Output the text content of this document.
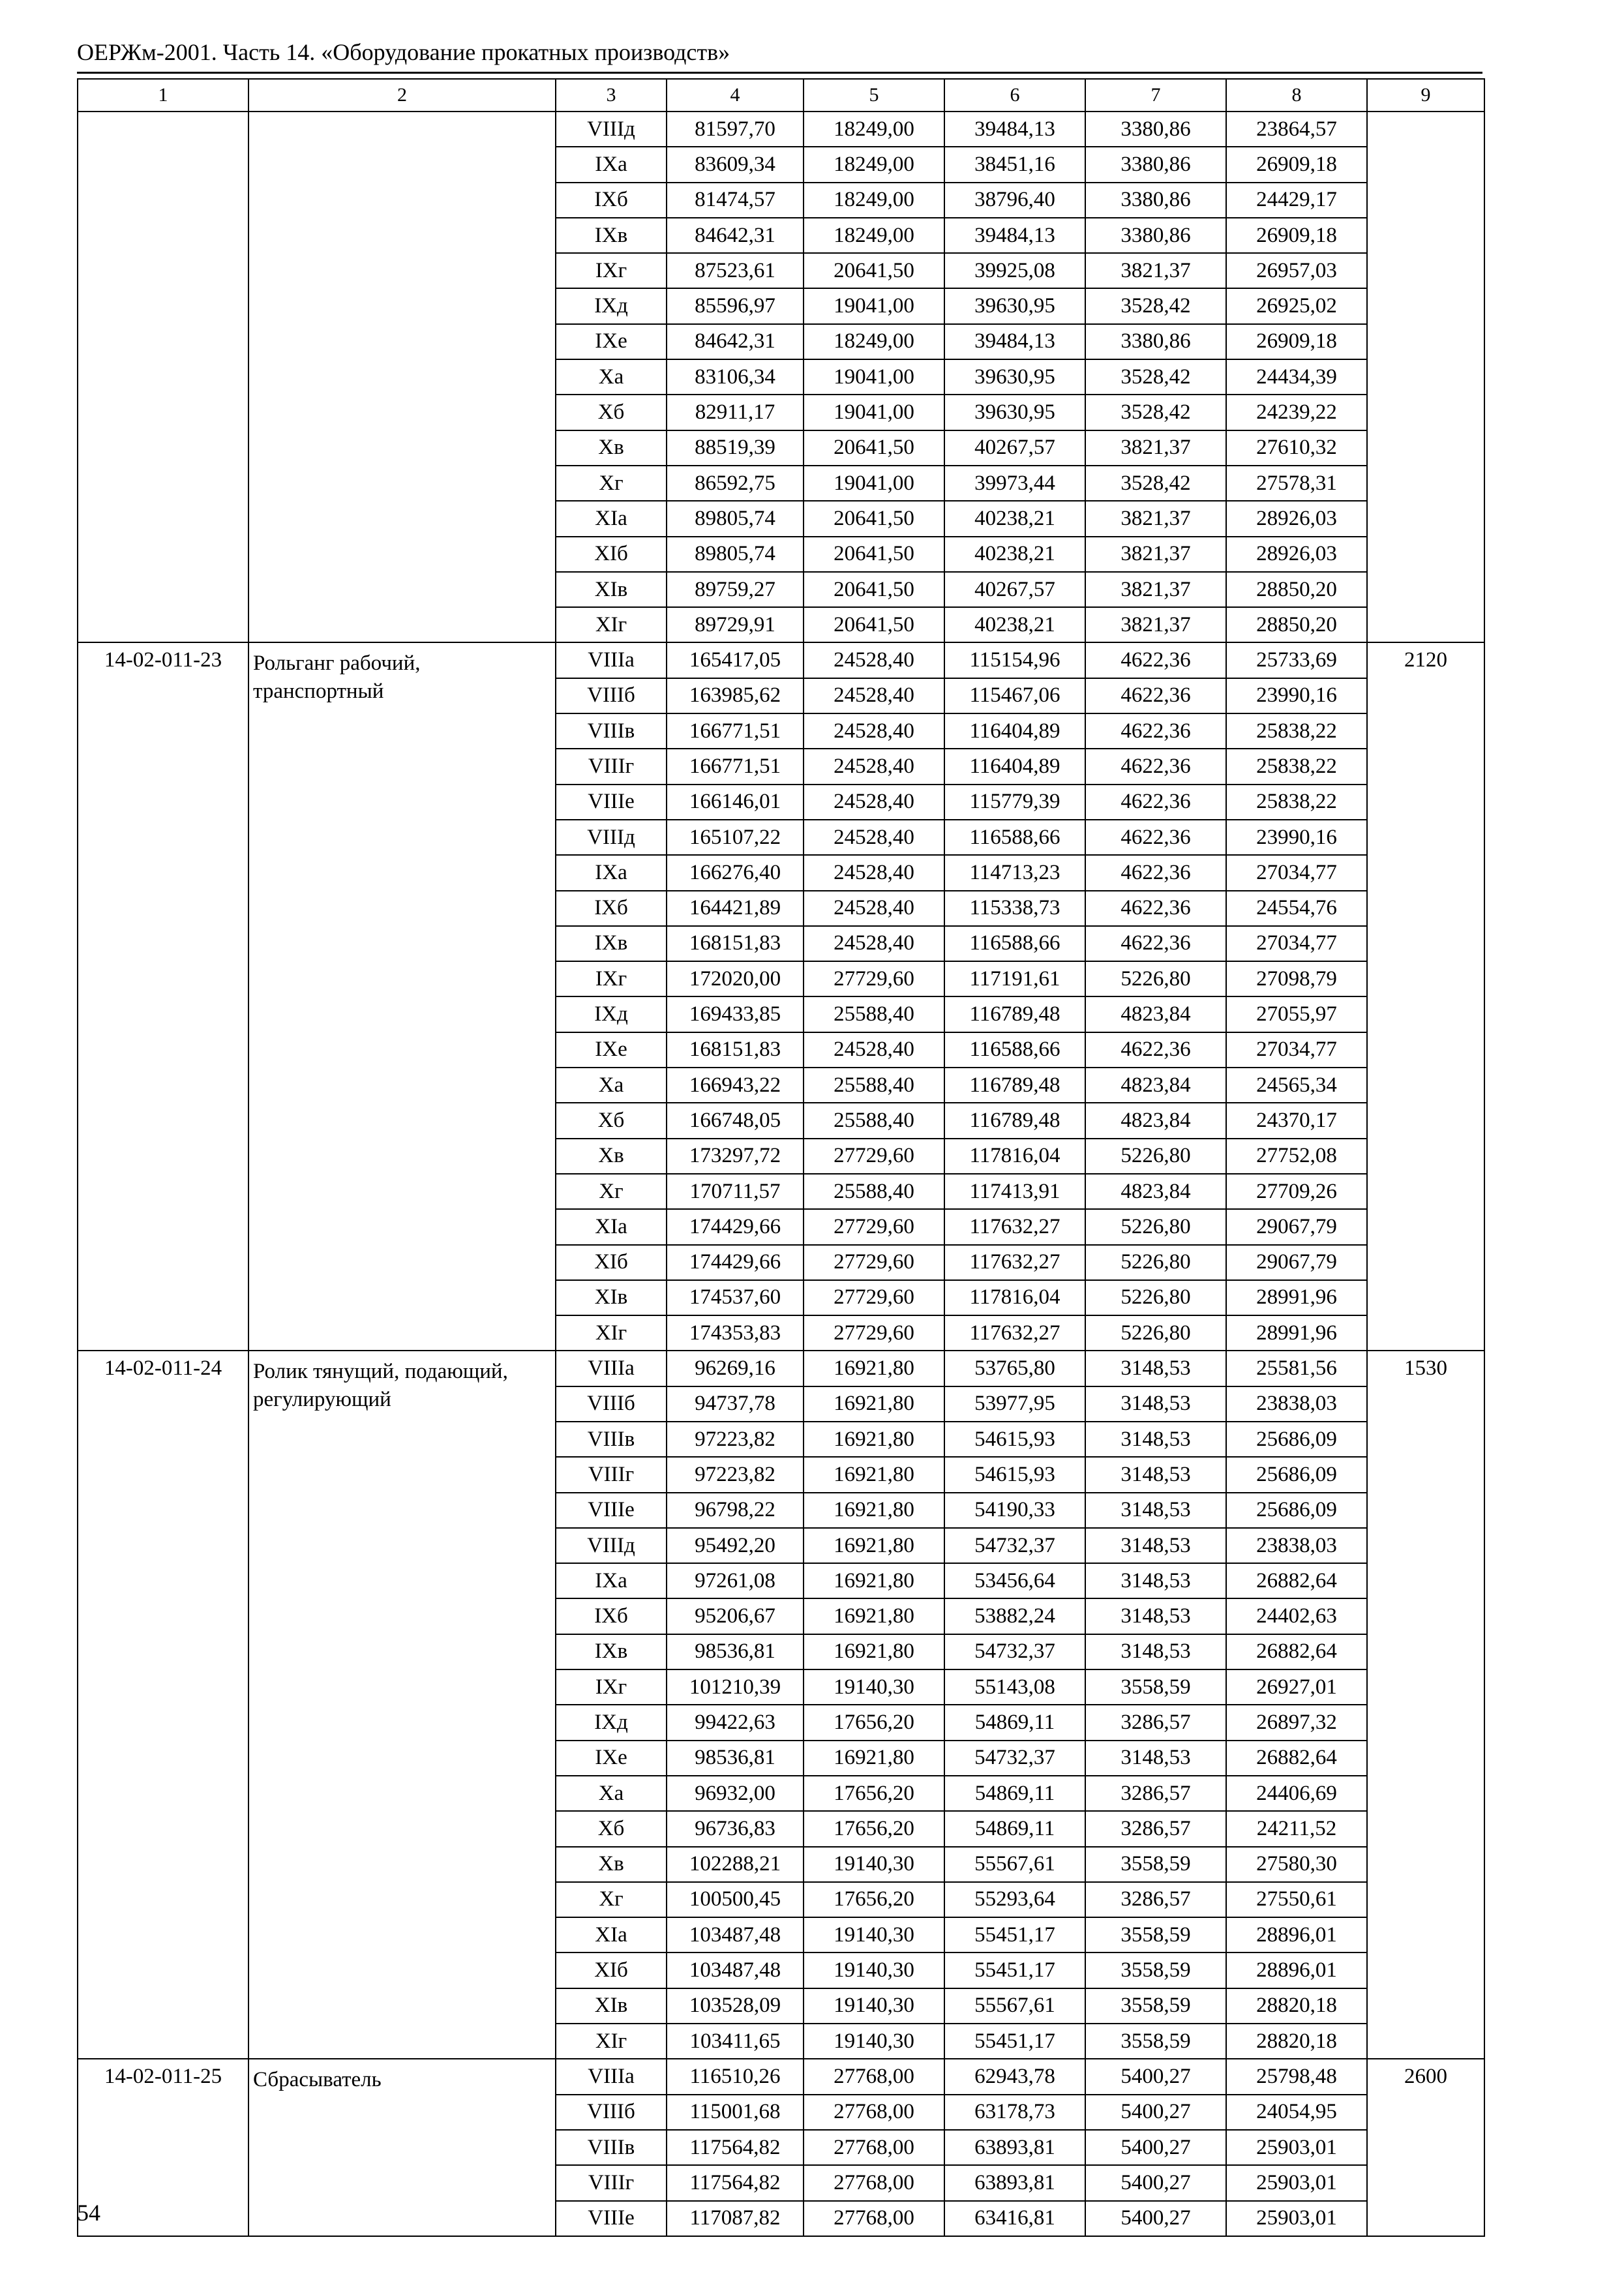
ОЕРЖм-2001. Часть 14. «Оборудование прокатных производств»
1	2	3	4	5	6	7	8	9
		VIIIд	81597,70	18249,00	39484,13	3380,86	23864,57	
		IXа	83609,34	18249,00	38451,16	3380,86	26909,18	
		IXб	81474,57	18249,00	38796,40	3380,86	24429,17	
		IXв	84642,31	18249,00	39484,13	3380,86	26909,18	
		IXг	87523,61	20641,50	39925,08	3821,37	26957,03	
		IXд	85596,97	19041,00	39630,95	3528,42	26925,02	
		IXе	84642,31	18249,00	39484,13	3380,86	26909,18	
		Xа	83106,34	19041,00	39630,95	3528,42	24434,39	
		Xб	82911,17	19041,00	39630,95	3528,42	24239,22	
		Xв	88519,39	20641,50	40267,57	3821,37	27610,32	
		Xг	86592,75	19041,00	39973,44	3528,42	27578,31	
		XIа	89805,74	20641,50	40238,21	3821,37	28926,03	
		XIб	89805,74	20641,50	40238,21	3821,37	28926,03	
		XIв	89759,27	20641,50	40267,57	3821,37	28850,20	
		XIг	89729,91	20641,50	40238,21	3821,37	28850,20	
14-02-011-23	Рольганг рабочий, транспортный	VIIIа	165417,05	24528,40	115154,96	4622,36	25733,69	2120
		VIIIб	163985,62	24528,40	115467,06	4622,36	23990,16	
		VIIIв	166771,51	24528,40	116404,89	4622,36	25838,22	
		VIIIг	166771,51	24528,40	116404,89	4622,36	25838,22	
		VIIIе	166146,01	24528,40	115779,39	4622,36	25838,22	
		VIIIд	165107,22	24528,40	116588,66	4622,36	23990,16	
		IXа	166276,40	24528,40	114713,23	4622,36	27034,77	
		IXб	164421,89	24528,40	115338,73	4622,36	24554,76	
		IXв	168151,83	24528,40	116588,66	4622,36	27034,77	
		IXг	172020,00	27729,60	117191,61	5226,80	27098,79	
		IXд	169433,85	25588,40	116789,48	4823,84	27055,97	
		IXе	168151,83	24528,40	116588,66	4622,36	27034,77	
		Xа	166943,22	25588,40	116789,48	4823,84	24565,34	
		Xб	166748,05	25588,40	116789,48	4823,84	24370,17	
		Xв	173297,72	27729,60	117816,04	5226,80	27752,08	
		Xг	170711,57	25588,40	117413,91	4823,84	27709,26	
		XIа	174429,66	27729,60	117632,27	5226,80	29067,79	
		XIб	174429,66	27729,60	117632,27	5226,80	29067,79	
		XIв	174537,60	27729,60	117816,04	5226,80	28991,96	
		XIг	174353,83	27729,60	117632,27	5226,80	28991,96	
14-02-011-24	Ролик тянущий, подающий, регулирующий	VIIIа	96269,16	16921,80	53765,80	3148,53	25581,56	1530
		VIIIб	94737,78	16921,80	53977,95	3148,53	23838,03	
		VIIIв	97223,82	16921,80	54615,93	3148,53	25686,09	
		VIIIг	97223,82	16921,80	54615,93	3148,53	25686,09	
		VIIIе	96798,22	16921,80	54190,33	3148,53	25686,09	
		VIIIд	95492,20	16921,80	54732,37	3148,53	23838,03	
		IXа	97261,08	16921,80	53456,64	3148,53	26882,64	
		IXб	95206,67	16921,80	53882,24	3148,53	24402,63	
		IXв	98536,81	16921,80	54732,37	3148,53	26882,64	
		IXг	101210,39	19140,30	55143,08	3558,59	26927,01	
		IXд	99422,63	17656,20	54869,11	3286,57	26897,32	
		IXе	98536,81	16921,80	54732,37	3148,53	26882,64	
		Xа	96932,00	17656,20	54869,11	3286,57	24406,69	
		Xб	96736,83	17656,20	54869,11	3286,57	24211,52	
		Xв	102288,21	19140,30	55567,61	3558,59	27580,30	
		Xг	100500,45	17656,20	55293,64	3286,57	27550,61	
		XIа	103487,48	19140,30	55451,17	3558,59	28896,01	
		XIб	103487,48	19140,30	55451,17	3558,59	28896,01	
		XIв	103528,09	19140,30	55567,61	3558,59	28820,18	
		XIг	103411,65	19140,30	55451,17	3558,59	28820,18	
14-02-011-25	Сбрасыватель	VIIIа	116510,26	27768,00	62943,78	5400,27	25798,48	2600
		VIIIб	115001,68	27768,00	63178,73	5400,27	24054,95	
		VIIIв	117564,82	27768,00	63893,81	5400,27	25903,01	
		VIIIг	117564,82	27768,00	63893,81	5400,27	25903,01	
		VIIIе	117087,82	27768,00	63416,81	5400,27	25903,01	
54
